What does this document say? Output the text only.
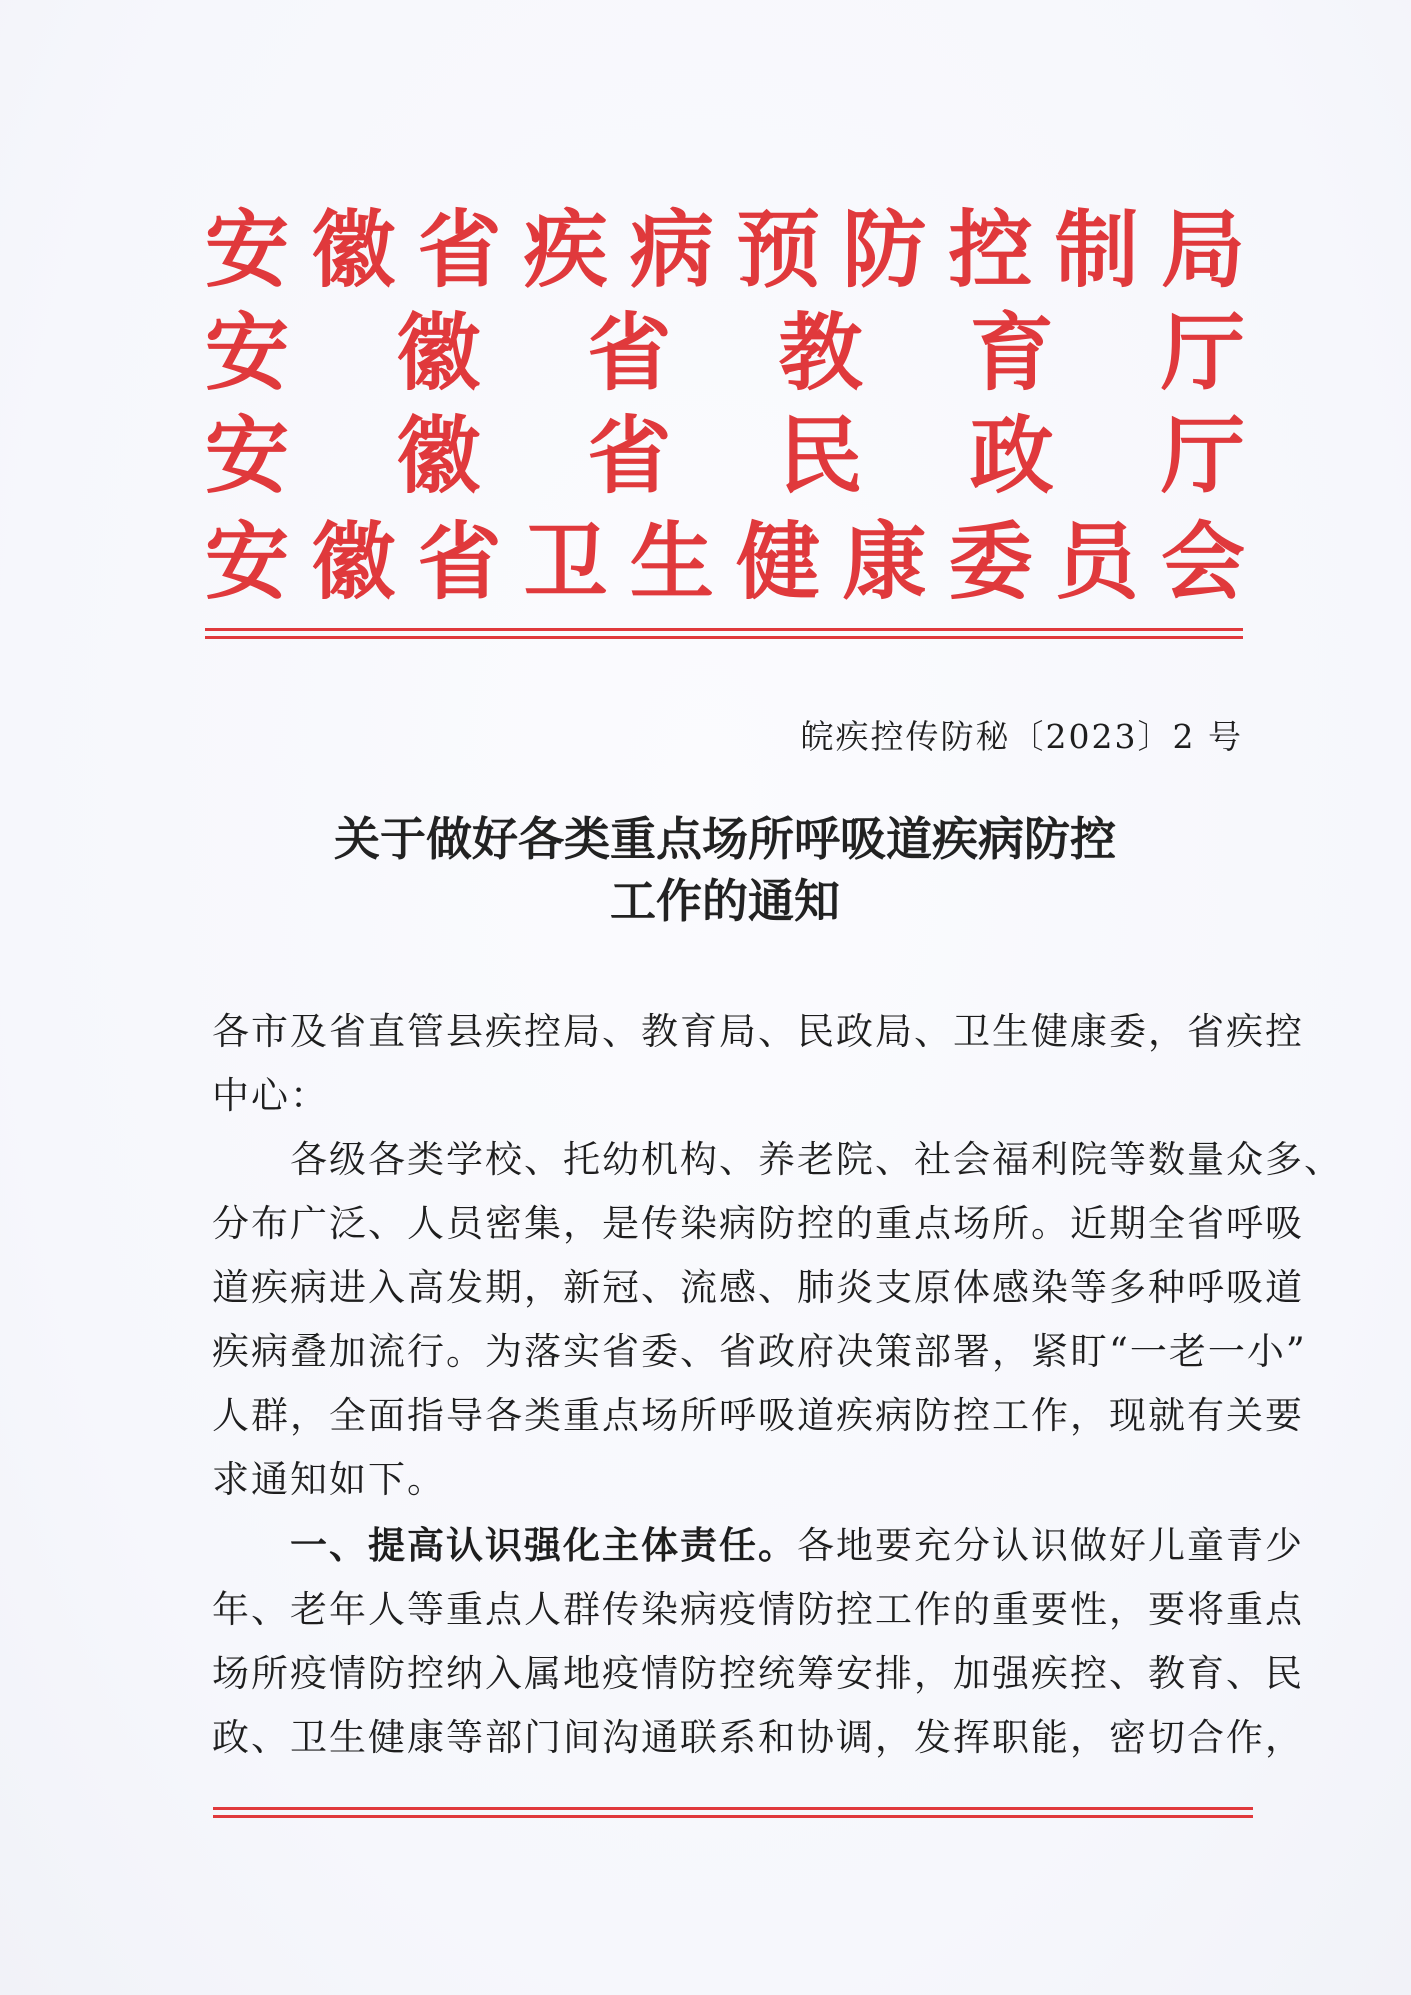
安 徽 省 疾 病 预 防 控 制 局
安 徽 省 教 育 厅
安 徽 省 民 政 厅
安 徽 省 卫 生 健 康 委 员 会
皖疾控传防秘〔2023〕2 号
关于做好各类重点场所呼吸道疾病防控
工作的通知
各市及省直管县疾控局、教育局、民政局、卫生健康委，省疾控
中心：
　　各级各类学校、托幼机构、养老院、社会福利院等数量众多、
分布广泛、人员密集，是传染病防控的重点场所。近期全省呼吸
道疾病进入高发期，新冠、流感、肺炎支原体感染等多种呼吸道
疾病叠加流行。为落实省委、省政府决策部署，紧盯“一老一小”
人群，全面指导各类重点场所呼吸道疾病防控工作，现就有关要
求通知如下。
　　一、提高认识强化主体责任。各地要充分认识做好儿童青少
年、老年人等重点人群传染病疫情防控工作的重要性，要将重点
场所疫情防控纳入属地疫情防控统筹安排，加强疾控、教育、民
政、卫生健康等部门间沟通联系和协调，发挥职能，密切合作，
